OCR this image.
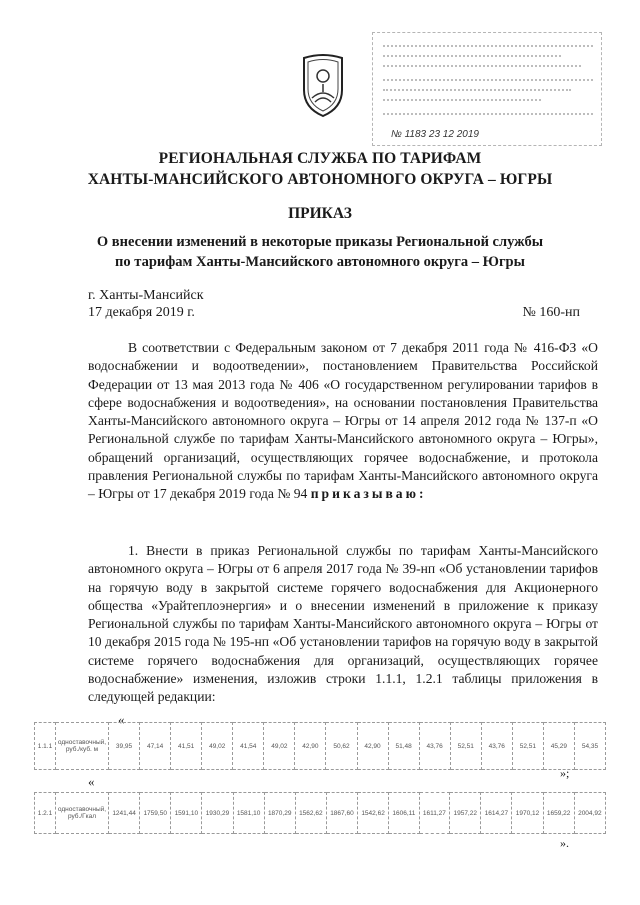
№ 1183 23 12 2019
РЕГИОНАЛЬНАЯ СЛУЖБА ПО ТАРИФАМ
ХАНТЫ-МАНСИЙСКОГО АВТОНОМНОГО ОКРУГА – ЮГРЫ
ПРИКАЗ
О внесении изменений в некоторые приказы Региональной службы
по тарифам Ханты-Мансийского автономного округа – Югры
г. Ханты-Мансийск
17 декабря 2019 г.	№ 160-нп
В соответствии с Федеральным законом от 7 декабря 2011 года № 416-ФЗ «О водоснабжении и водоотведении», постановлением Правительства Российской Федерации от 13 мая 2013 года № 406 «О государственном регулировании тарифов в сфере водоснабжения и водоотведения», на основании постановления Правительства Ханты-Мансийского автономного округа – Югры от 14 апреля 2012 года № 137-п «О Региональной службе по тарифам Ханты-Мансийского автономного округа – Югры», обращений организаций, осуществляющих горячее водоснабжение, и протокола правления Региональной службы по тарифам Ханты-Мансийского автономного округа – Югры от 17 декабря 2019 года № 94 приказываю:
1. Внести в приказ Региональной службы по тарифам Ханты-Мансийского автономного округа – Югры от 6 апреля 2017 года № 39-нп «Об установлении тарифов на горячую воду в закрытой системе горячего водоснабжения для Акционерного общества «Урайтеплоэнергия» и о внесении изменений в приложение к приказу Региональной службы по тарифам Ханты-Мансийского автономного округа – Югры от 10 декабря 2015 года № 195-нп «Об установлении тарифов на горячую воду в закрытой системе горячего водоснабжения для организаций, осуществляющих горячее водоснабжение» изменения, изложив строки 1.1.1, 1.2.1 таблицы приложения в следующей редакции:
«
1.1.1	одноставочный, руб./куб. м	39,95	47,14	41,51	49,02	41,54	49,02	42,90	50,62	42,90	51,48	43,76	52,51	43,76	52,51	45,29	54,35
»;
«
1.2.1	одноставочный, руб./Гкал	1241,44	1759,50	1591,10	1930,29	1581,10	1870,29	1562,62	1867,60	1542,62	1606,11	1611,27	1957,22	1614,27	1970,12	1659,22	2004,92
».
